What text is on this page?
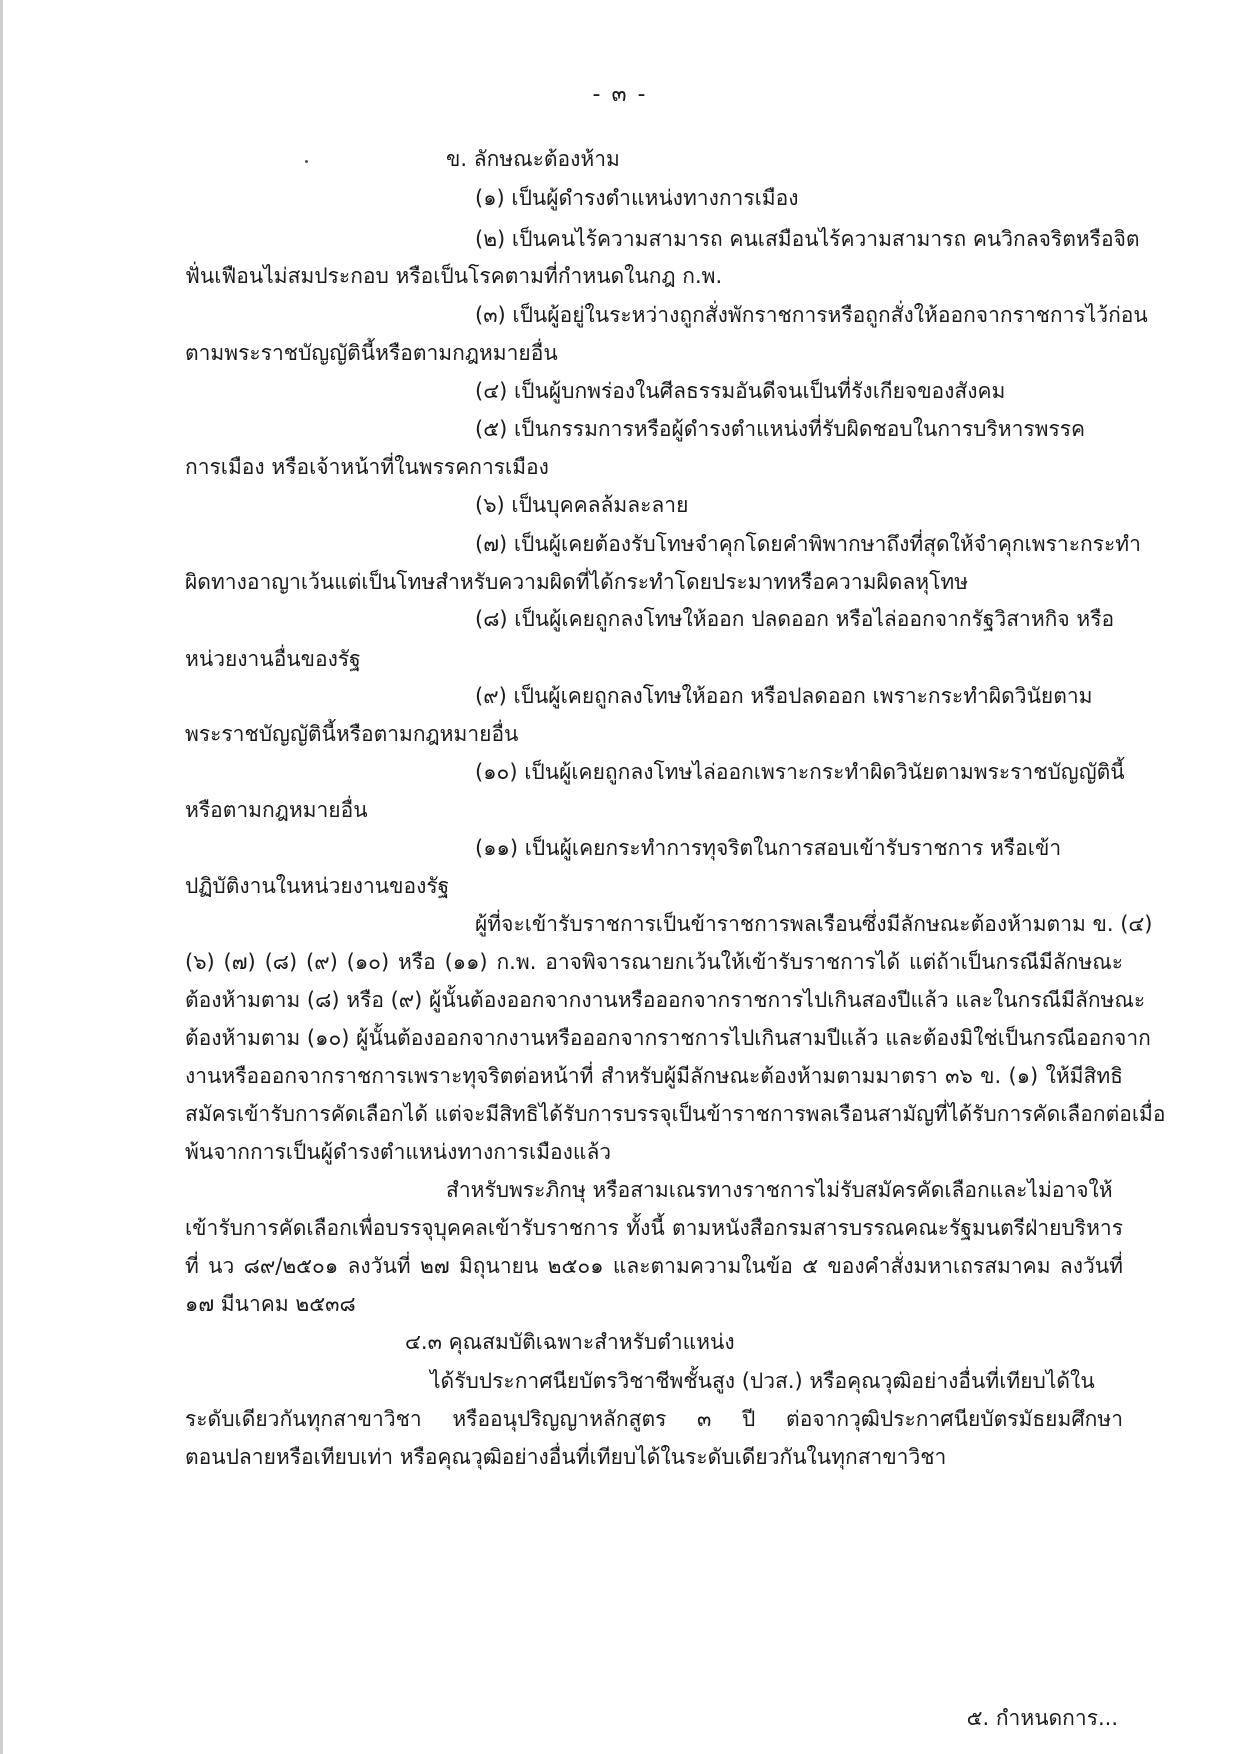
- ๓ -
ข. ลักษณะต้องห้าม
(๑) เป็นผู้ดำรงตำแหน่งทางการเมือง
(๒) เป็นคนไร้ความสามารถ คนเสมือนไร้ความสามารถ คนวิกลจริตหรือจิต
ฟั่นเฟือนไม่สมประกอบ หรือเป็นโรคตามที่กำหนดในกฎ ก.พ.
(๓) เป็นผู้อยู่ในระหว่างถูกสั่งพักราชการหรือถูกสั่งให้ออกจากราชการไว้ก่อน
ตามพระราชบัญญัตินี้หรือตามกฎหมายอื่น
(๔) เป็นผู้บกพร่องในศีลธรรมอันดีจนเป็นที่รังเกียจของสังคม
(๕) เป็นกรรมการหรือผู้ดำรงตำแหน่งที่รับผิดชอบในการบริหารพรรค
การเมือง หรือเจ้าหน้าที่ในพรรคการเมือง
(๖) เป็นบุคคลล้มละลาย
(๗) เป็นผู้เคยต้องรับโทษจำคุกโดยคำพิพากษาถึงที่สุดให้จำคุกเพราะกระทำ
ผิดทางอาญาเว้นแต่เป็นโทษสำหรับความผิดที่ได้กระทำโดยประมาทหรือความผิดลหุโทษ
(๘) เป็นผู้เคยถูกลงโทษให้ออก ปลดออก หรือไล่ออกจากรัฐวิสาหกิจ หรือ
หน่วยงานอื่นของรัฐ
(๙) เป็นผู้เคยถูกลงโทษให้ออก หรือปลดออก เพราะกระทำผิดวินัยตาม
พระราชบัญญัตินี้หรือตามกฎหมายอื่น
(๑๐) เป็นผู้เคยถูกลงโทษไล่ออกเพราะกระทำผิดวินัยตามพระราชบัญญัตินี้
หรือตามกฎหมายอื่น
(๑๑) เป็นผู้เคยกระทำการทุจริตในการสอบเข้ารับราชการ หรือเข้า
ปฏิบัติงานในหน่วยงานของรัฐ
ผู้ที่จะเข้ารับราชการเป็นข้าราชการพลเรือนซึ่งมีลักษณะต้องห้ามตาม ข. (๔)
(๖) (๗) (๘) (๙) (๑๐) หรือ (๑๑) ก.พ. อาจพิจารณายกเว้นให้เข้ารับราชการได้ แต่ถ้าเป็นกรณีมีลักษณะ
ต้องห้ามตาม (๘) หรือ (๙) ผู้นั้นต้องออกจากงานหรือออกจากราชการไปเกินสองปีแล้ว และในกรณีมีลักษณะ
ต้องห้ามตาม (๑๐) ผู้นั้นต้องออกจากงานหรือออกจากราชการไปเกินสามปีแล้ว และต้องมิใช่เป็นกรณีออกจาก
งานหรือออกจากราชการเพราะทุจริตต่อหน้าที่ สำหรับผู้มีลักษณะต้องห้ามตามมาตรา ๓๖ ข. (๑) ให้มีสิทธิ
สมัครเข้ารับการคัดเลือกได้ แต่จะมีสิทธิได้รับการบรรจุเป็นข้าราชการพลเรือนสามัญที่ได้รับการคัดเลือกต่อเมื่อ
พ้นจากการเป็นผู้ดำรงตำแหน่งทางการเมืองแล้ว
สำหรับพระภิกษุ หรือสามเณรทางราชการไม่รับสมัครคัดเลือกและไม่อาจให้
เข้ารับการคัดเลือกเพื่อบรรจุบุคคลเข้ารับราชการ ทั้งนี้ ตามหนังสือกรมสารบรรณคณะรัฐมนตรีฝ่ายบริหาร
ที่ นว ๘๙/๒๕๐๑ ลงวันที่ ๒๗ มิถุนายน ๒๕๐๑ และตามความในข้อ ๕ ของคำสั่งมหาเถรสมาคม ลงวันที่
๑๗ มีนาคม ๒๕๓๘
๔.๓ คุณสมบัติเฉพาะสำหรับตำแหน่ง
ได้รับประกาศนียบัตรวิชาชีพชั้นสูง (ปวส.) หรือคุณวุฒิอย่างอื่นที่เทียบได้ใน
ระดับเดียวกันทุกสาขาวิชา หรืออนุปริญญาหลักสูตร ๓ ปี ต่อจากวุฒิประกาศนียบัตรมัธยมศึกษา
ตอนปลายหรือเทียบเท่า หรือคุณวุฒิอย่างอื่นที่เทียบได้ในระดับเดียวกันในทุกสาขาวิชา
๕. กำหนดการ...
